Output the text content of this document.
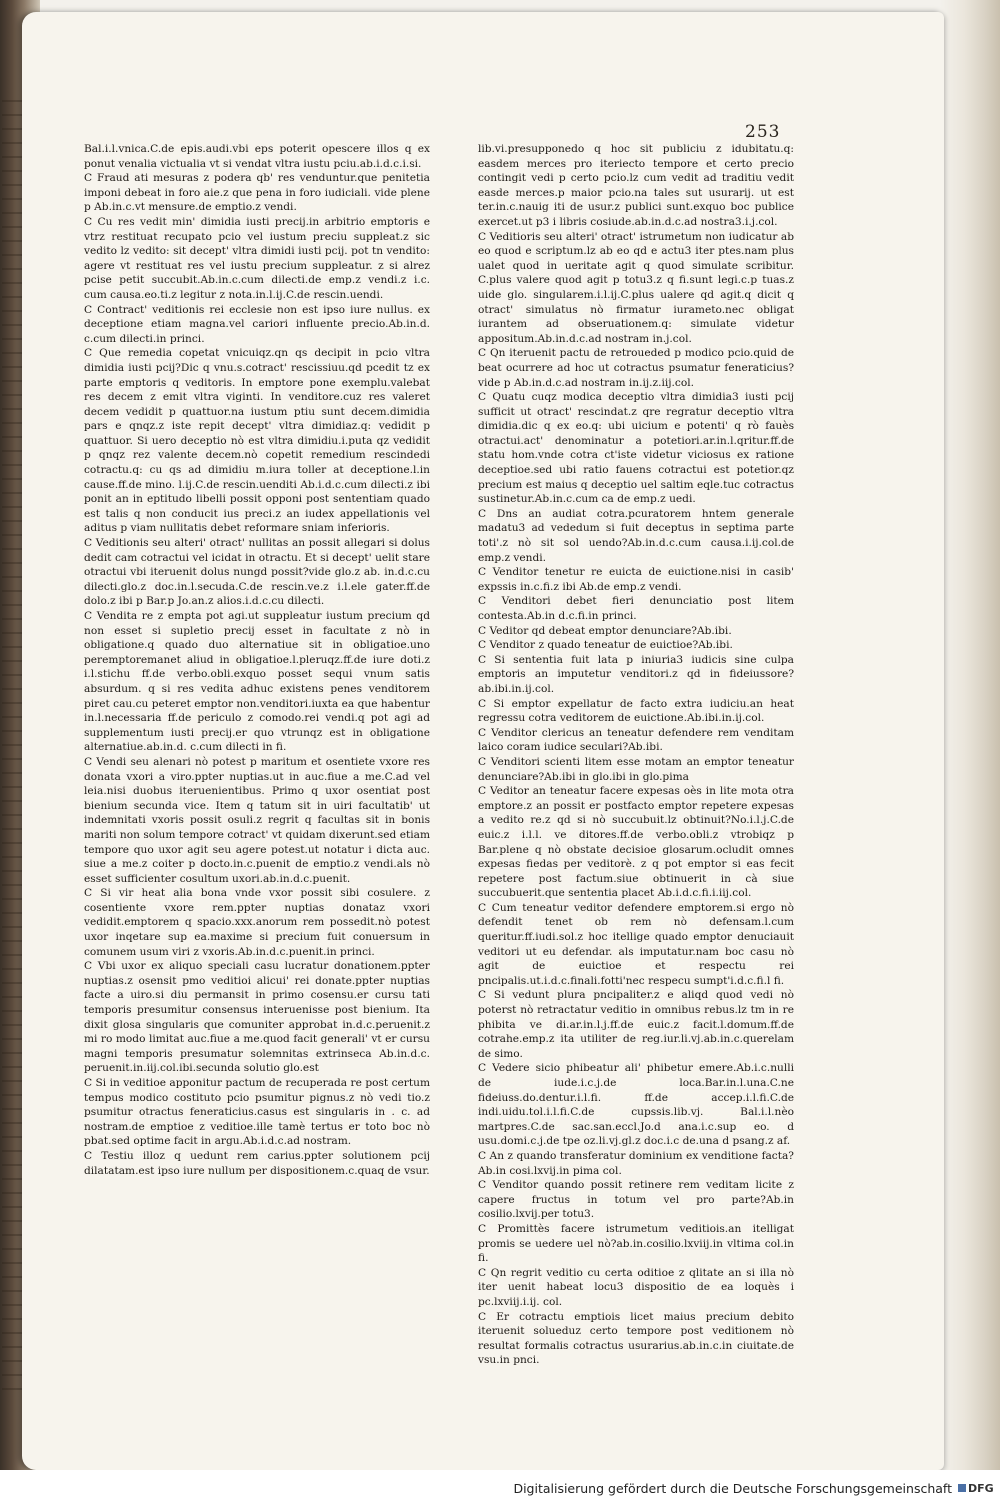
253

Bal.i.l.vnica.C.de epis.audi.vbi eps poterit opescere illos q ex ponut venalia victualia vt si vendat vltra iustu pciu.ab.i.d.c.i.si.

C Fraud ati mesuras z podera qb' res venduntur.que penitetia imponi debeat in foro aie.z que pena in foro iudiciali. vide plene p Ab.in.c.vt mensure.de emptio.z vendi.

C Cu res vedit min' dimidia iusti precij.in arbitrio emptoris e vtrz restituat recupato pcio vel iustum preciu suppleat.z sic vedito lz vedito: sit decept' vltra dimidi iusti pcij. pot tn vendito: agere vt restituat res vel iustu precium suppleatur. z si alrez pcise petit succubit.Ab.in.c.cum dilecti.de emp.z vendi.z i.c. cum causa.eo.ti.z legitur z nota.in.l.ij.C.de rescin.uendi.

C Contract' veditionis rei ecclesie non est ipso iure nullus. ex deceptione etiam magna.vel cariori influente precio.Ab.in.d. c.cum dilecti.in princi.

C Que remedia copetat vnicuiqz.qn qs decipit in pcio vltra dimidia iusti pcij?Dic q vnu.s.cotract' rescissiuu.qd pcedit tz ex parte emptoris q veditoris. In emptore pone exemplu.valebat res decem z emit vltra viginti. In venditore.cuz res valeret decem vedidit p quattuor.na iustum ptiu sunt decem.dimidia pars e qnqz.z iste repit decept' vltra dimidiaz.q: vedidit p quattuor. Si uero deceptio nò est vltra dimidiu.i.puta qz vedidit p qnqz rez valente decem.nò copetit remedium rescindedi cotractu.q: cu qs ad dimidiu m.iura toller at deceptione.l.in cause.ff.de mino. l.ij.C.de rescin.uenditi Ab.i.d.c.cum dilecti.z ibi ponit an in eptitudo libelli possit opponi post sententiam quado est talis q non conducit ius preci.z an iudex appellationis vel aditus p viam nullitatis debet reformare sniam inferioris.

C Veditionis seu alteri' otract' nullitas an possit allegari si dolus dedit cam cotractui vel icidat in otractu. Et si decept' uelit stare otractui vbi iteruenit dolus nungd possit?vide glo.z ab. in.d.c.cu dilecti.glo.z doc.in.l.secuda.C.de rescin.ve.z i.l.ele gater.ff.de dolo.z ibi p Bar.p Jo.an.z alios.i.d.c.cu dilecti.

C Vendita re z empta pot agi.ut suppleatur iustum precium qd non esset si supletio precij esset in facultate z nò in obligatione.q quado duo alternatiue sit in obligatioe.uno peremptoremanet aliud in obligatioe.l.pleruqz.ff.de iure doti.z i.l.stichu ff.de verbo.obli.exquo posset sequi vnum satis absurdum. q si res vedita adhuc existens penes venditorem piret cau.cu peteret emptor non.venditori.iuxta ea que habentur in.l.necessaria ff.de periculo z comodo.rei vendi.q pot agi ad supplementum iusti precij.er quo vtrunqz est in obligatione alternatiue.ab.in.d. c.cum dilecti in fi.

C Vendi seu alenari nò potest p maritum et osentiete vxore res donata vxori a viro.ppter nuptias.ut in auc.fiue a me.C.ad vel leia.nisi duobus iteruenientibus. Primo q uxor osentiat post bienium secunda vice. Item q tatum sit in uiri facultatib' ut indemnitati vxoris possit osuli.z regrit q facultas sit in bonis mariti non solum tempore cotract' vt quidam dixerunt.sed etiam tempore quo uxor agit seu agere potest.ut notatur i dicta auc. siue a me.z coiter p docto.in.c.puenit de emptio.z vendi.als nò esset sufficienter cosultum uxori.ab.in.d.c.puenit.

C Si vir heat alia bona vnde vxor possit sibi cosulere. z cosentiente vxore rem.ppter nuptias donataz vxori vedidit.emptorem q spacio.xxx.anorum rem possedit.nò potest uxor inqetare sup ea.maxime si precium fuit conuersum in comunem usum viri z vxoris.Ab.in.d.c.puenit.in princi.

C Vbi uxor ex aliquo speciali casu lucratur donationem.ppter nuptias.z osensit pmo veditioi alicui' rei donate.ppter nuptias facte a uiro.si diu permansit in primo cosensu.er cursu tati temporis presumitur consensus interuenisse post bienium. Ita dixit glosa singularis que comuniter approbat in.d.c.peruenit.z mi ro modo limitat auc.fiue a me.quod facit generali' vt er cursu magni temporis presumatur solemnitas extrinseca Ab.in.d.c. peruenit.in.iij.col.ibi.secunda solutio glo.est

C Si in veditioe apponitur pactum de recuperada re post certum tempus modico costituto pcio psumitur pignus.z nò vedi tio.z psumitur otractus feneraticius.casus est singularis in . c. ad nostram.de emptioe z veditioe.ille tamè tertus er toto boc nò pbat.sed optime facit in argu.Ab.i.d.c.ad nostram.

C Testiu illoz q uedunt rem carius.ppter solutionem pcij dilatatam.est ipso iure nullum per dispositionem.c.quaq de vsur.

lib.vi.presupponedo q hoc sit publiciu z idubitatu.q: easdem merces pro iteriecto tempore et certo precio contingit vedi p certo pcio.lz cum vedit ad traditiu vedit easde merces.p maior pcio.na tales sut usurarij. ut est ter.in.c.nauig iti de usur.z publici sunt.exquo boc publice exercet.ut p3 i libris cosiude.ab.in.d.c.ad nostra3.i.j.col.

C Veditioris seu alteri' otract' istrumetum non iudicatur ab eo quod e scriptum.lz ab eo qd e actu3 iter ptes.nam plus ualet quod in ueritate agit q quod simulate scribitur. C.plus valere quod agit p totu3.z q fi.sunt legi.c.p tuas.z uide glo. singularem.i.l.ij.C.plus ualere qd agit.q dicit q otract' simulatus nò firmatur iurameto.nec obligat iurantem ad obseruationem.q: simulate videtur appositum.Ab.in.d.c.ad nostram in.j.col.

C Qn iteruenit pactu de retroueded p modico pcio.quid de beat ocurrere ad hoc ut cotractus psumatur feneraticius? vide p Ab.in.d.c.ad nostram in.ij.z.iij.col.

C Quatu cuqz modica deceptio vltra dimidia3 iusti pcij sufficit ut otract' rescindat.z qre regratur deceptio vltra dimidia.dic q ex eo.q: ubi uicium e potenti' q rò fauès otractui.act' denominatur a potetiori.ar.in.l.qritur.ff.de statu hom.vnde cotra ct'iste videtur viciosus ex ratione deceptioe.sed ubi ratio fauens cotractui est potetior.qz precium est maius q deceptio uel saltim eqle.tuc cotractus sustinetur.Ab.in.c.cum ca de emp.z uedi.

C Dns an audiat cotra.pcuratorem hntem generale madatu3 ad vededum si fuit deceptus in septima parte toti'.z nò sit sol uendo?Ab.in.d.c.cum causa.i.ij.col.de emp.z vendi.

C Venditor tenetur re euicta de euictione.nisi in casib' expssis in.c.fi.z ibi Ab.de emp.z vendi.

C Venditori debet fieri denunciatio post litem contesta.Ab.in d.c.fi.in princi.

C Veditor qd debeat emptor denunciare?Ab.ibi.

C Venditor z quado teneatur de euictioe?Ab.ibi.

C Si sententia fuit lata p iniuria3 iudicis sine culpa emptoris an imputetur venditori.z qd in fideiussore?ab.ibi.in.ij.col.

C Si emptor expellatur de facto extra iudiciu.an heat regressu cotra veditorem de euictione.Ab.ibi.in.ij.col.

C Venditor clericus an teneatur defendere rem venditam laico coram iudice seculari?Ab.ibi.

C Venditori scienti litem esse motam an emptor teneatur denunciare?Ab.ibi in glo.ibi in glo.pima

C Veditor an teneatur facere expesas oès in lite mota otra emptore.z an possit er postfacto emptor repetere expesas a vedito re.z qd si nò succubuit.lz obtinuit?No.i.l.j.C.de euic.z i.l.l. ve ditores.ff.de verbo.obli.z vtrobiqz p Bar.plene q nò obstate decisioe glosarum.ocludit omnes expesas fiedas per veditorè. z q pot emptor si eas fecit repetere post factum.siue obtinuerit in cà siue succubuerit.que sententia placet Ab.i.d.c.fi.i.iij.col.

C Cum teneatur veditor defendere emptorem.si ergo nò defendit tenet ob rem nò defensam.l.cum queritur.ff.iudi.sol.z hoc itellige quado emptor denuciauit veditori ut eu defendar. als imputatur.nam boc casu nò agit de euictioe et respectu rei pncipalis.ut.i.d.c.finali.fotti'nec respecu sumpt'i.d.c.fi.l fi.

C Si vedunt plura pncipaliter.z e aliqd quod vedi nò poterst nò retractatur veditio in omnibus rebus.lz tm in re phibita ve di.ar.in.l.j.ff.de euic.z facit.l.domum.ff.de cotrahe.emp.z ita utiliter de reg.iur.li.vj.ab.in.c.querelam de simo.

C Vedere sicio phibeatur ali' phibetur emere.Ab.i.c.nulli de iude.i.c.j.de loca.Bar.in.l.una.C.ne fideiuss.do.dentur.i.l.fi. ff.de accep.i.l.fi.C.de indi.uidu.tol.i.l.fi.C.de cupssis.lib.vj. Bal.i.l.nèo martpres.C.de sac.san.eccl.Jo.d ana.i.c.sup eo. d usu.domi.c.j.de tpe oz.li.vj.gl.z doc.i.c de.una d psang.z af.

C An z quando transferatur dominium ex venditione facta? Ab.in cosi.lxvij.in pima col.

C Venditor quando possit retinere rem veditam licite z capere fructus in totum vel pro parte?Ab.in cosilio.lxvij.per totu3.

C Promittès facere istrumetum veditiois.an itelligat promis se uedere uel nò?ab.in.cosilio.lxviij.in vltima col.in fi.

C Qn regrit veditio cu certa oditioe z qlitate an si illa nò iter uenit habeat locu3 dispositio de ea loquès i pc.lxviij.i.ij. col.

C Er cotractu emptiois licet maius precium debito iteruenit solueduz certo tempore post veditionem nò resultat formalis cotractus usurarius.ab.in.c.in ciuitate.de vsu.in pnci.

Digitalisierung gefördert durch die Deutsche Forschungsgemeinschaft DFG
